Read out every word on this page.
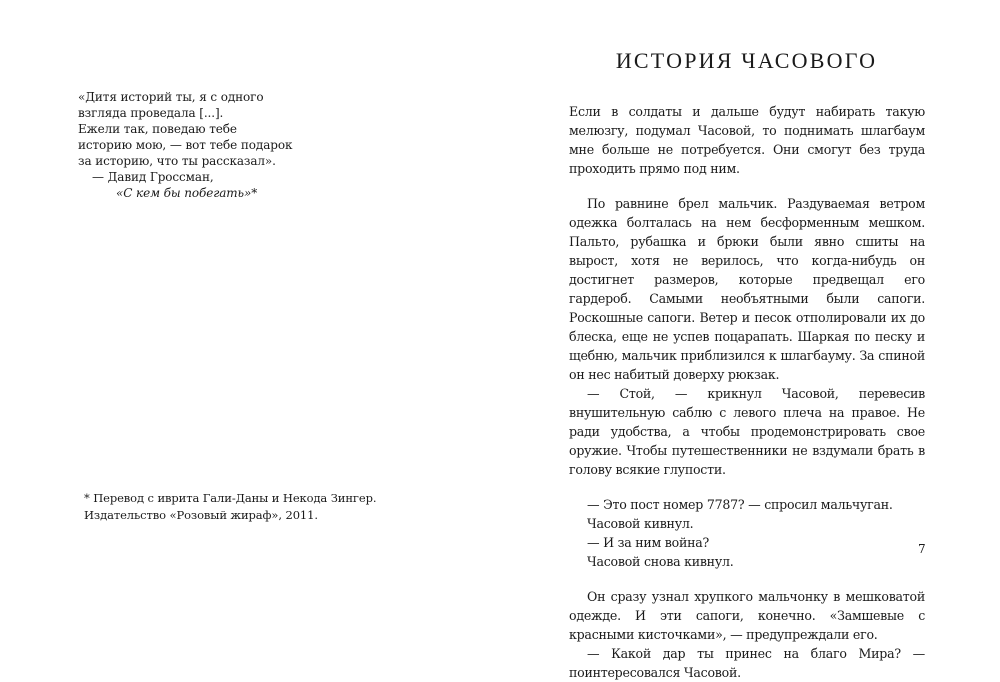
«Дитя историй ты, я с одного

взгляда проведала [...].

Ежели так, поведаю тебе

историю мою, — вот тебе подарок

за историю, что ты рассказал».

— Давид Гроссман,

«С кем бы побегать»*

* Перевод с иврита Гали-Даны и Некода Зингер. Издательство «Розовый жираф», 2011.
ИСТОРИЯ ЧАСОВОГО

Если в солдаты и дальше будут набирать такую мелюзгу, подумал Часовой, то поднимать шлагбаум мне больше не потребуется. Они смогут без труда проходить прямо под ним.

По равнине брел мальчик. Раздуваемая ветром одежка болталась на нем бесформенным мешком. Пальто, рубашка и брюки были явно сшиты на вырост, хотя не верилось, что когда-нибудь он достигнет размеров, которые предвещал его гардероб. Самыми необъятными были сапоги. Роскошные сапоги. Ветер и песок отполировали их до блеска, еще не успев поцарапать. Шаркая по песку и щебню, мальчик приблизился к шлагбауму. За спиной он нес набитый доверху рюкзак.

— Стой, — крикнул Часовой, перевесив внушительную саблю с левого плеча на правое. Не ради удобства, а чтобы продемонстрировать свое оружие. Чтобы путешественники не вздумали брать в голову всякие глупости.

— Это пост номер 7787? — спросил мальчуган.

Часовой кивнул.

— И за ним война?

Часовой снова кивнул.

Он сразу узнал хрупкого мальчонку в мешковатой одежде. И эти сапоги, конечно. «Замшевые с красными кисточками», — предупреждали его.

— Какой дар ты принес на благо Мира? — поинтересовался Часовой.

7
